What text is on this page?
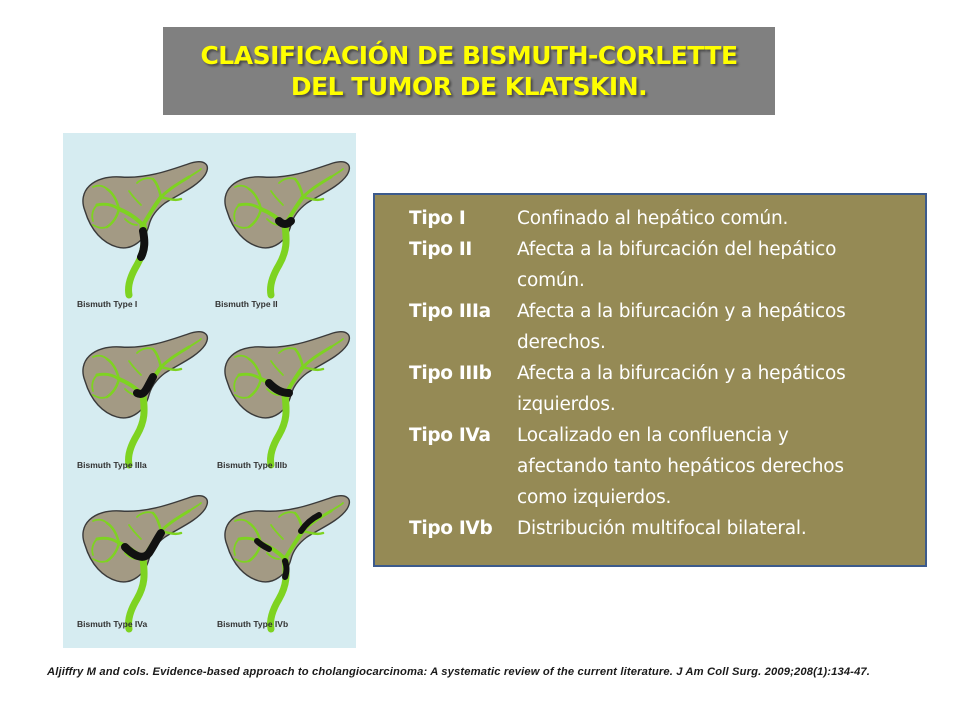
CLASIFICACIÓN DE BISMUTH-CORLETTE
DEL TUMOR DE KLATSKIN.
Bismuth Type I	Bismuth Type II
Bismuth Type IIIa	Bismuth Type IIIb
Bismuth Type IVa	Bismuth Type IVb
Tipo I	Confinado al hepático común.
Tipo II Afecta a la bifurcación del hepático
común.
Tipo IIIa Afecta a la bifurcación y a hepáticos
derechos.
Tipo IIIb Afecta a la bifurcación y a hepáticos
izquierdos.
Tipo IVa Localizado en la confluencia y
afectando tanto hepáticos derechos
como izquierdos.
Tipo IVb Distribución multifocal bilateral.
Aljiffry M and cols. Evidence-based approach to cholangiocarcinoma: A systematic review of the current literature. J Am Coll Surg. 2009;208(1):134-47.
